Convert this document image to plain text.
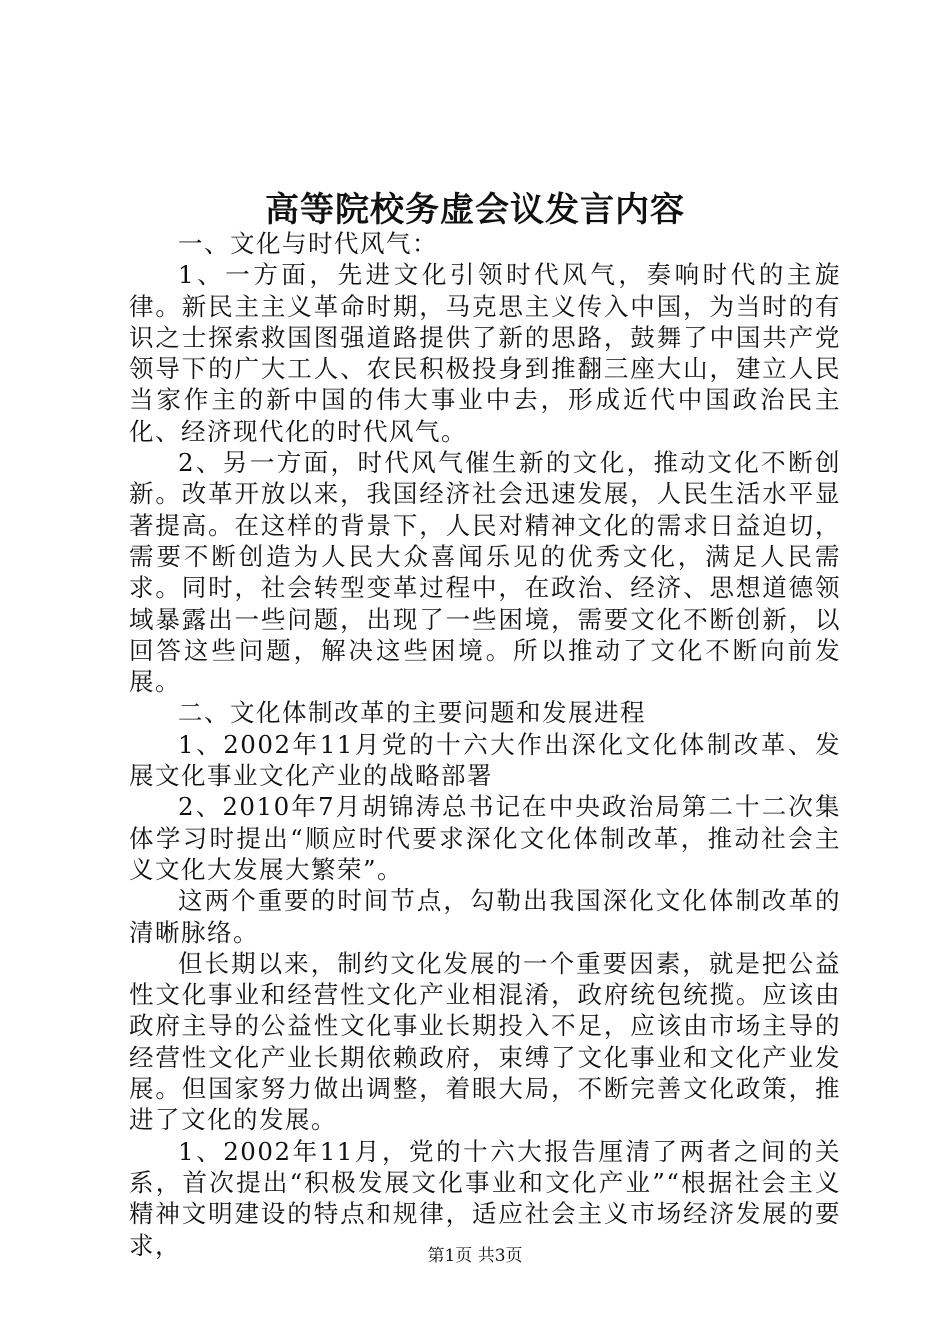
高等院校务虚会议发言内容

一、文化与时代风气：

1、一方面，先进文化引领时代风气，奏响时代的主旋律。新民主主义革命时期，马克思主义传入中国，为当时的有识之士探索救国图强道路提供了新的思路，鼓舞了中国共产党领导下的广大工人、农民积极投身到推翻三座大山，建立人民当家作主的新中国的伟大事业中去，形成近代中国政治民主化、经济现代化的时代风气。

2、另一方面，时代风气催生新的文化，推动文化不断创新。改革开放以来，我国经济社会迅速发展，人民生活水平显著提高。在这样的背景下，人民对精神文化的需求日益迫切，需要不断创造为人民大众喜闻乐见的优秀文化，满足人民需求。同时，社会转型变革过程中，在政治、经济、思想道德领域暴露出一些问题，出现了一些困境，需要文化不断创新，以回答这些问题，解决这些困境。所以推动了文化不断向前发展。

二、文化体制改革的主要问题和发展进程

1、2002年11月党的十六大作出深化文化体制改革、发展文化事业文化产业的战略部署

2、2010年7月胡锦涛总书记在中央政治局第二十二次集体学习时提出“顺应时代要求深化文化体制改革，推动社会主义文化大发展大繁荣”。

这两个重要的时间节点，勾勒出我国深化文化体制改革的清晰脉络。

但长期以来，制约文化发展的一个重要因素，就是把公益性文化事业和经营性文化产业相混淆，政府统包统揽。应该由政府主导的公益性文化事业长期投入不足，应该由市场主导的经营性文化产业长期依赖政府，束缚了文化事业和文化产业发展。但国家努力做出调整，着眼大局，不断完善文化政策，推进了文化的发展。

1、2002年11月，党的十六大报告厘清了两者之间的关系，首次提出“积极发展文化事业和文化产业”“根据社会主义精神文明建设的特点和规律，适应社会主义市场经济发展的要求，	第1页 共3页
